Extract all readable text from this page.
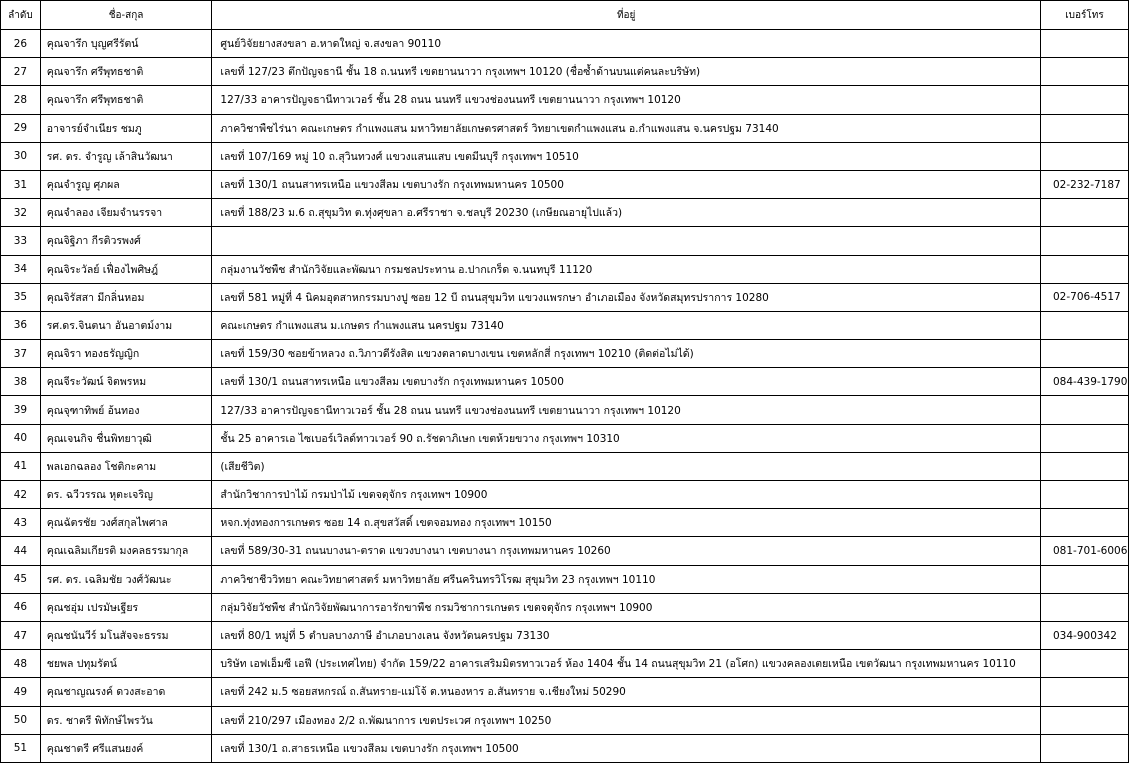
ลำดับ	ชื่อ-สกุล	ที่อยู่	เบอร์โทร
26	คุณจารึก บุญศรีรัตน์	ศูนย์วิจัยยางสงขลา อ.หาดใหญ่ จ.สงขลา 90110	
27	คุณจารึก ศรีพุทธชาติ	เลขที่ 127/23 ตึกปัญจธานี ชั้น 18 ถ.นนทรี เขตยานนาวา กรุงเทพฯ 10120 (ชื่อซ้ำด้านบนแต่คนละบริษัท)	
28	คุณจารึก ศรีพุทธชาติ	127/33 อาคารปัญจธานีทาวเวอร์ ชั้น 28 ถนน นนทรี แขวงช่องนนทรี เขตยานนาวา กรุงเทพฯ 10120	
29	อาจารย์จำเนียร ชมภู	ภาควิชาพืชไร่นา คณะเกษตร กำแพงแสน มหาวิทยาลัยเกษตรศาสตร์ วิทยาเขตกำแพงแสน อ.กำแพงแสน จ.นครปฐม 73140	
30	รศ. ดร. จำรูญ เล้าสินวัฒนา	เลขที่ 107/169 หมู่ 10 ถ.สุวินทวงศ์ แขวงแสนแสบ เขตมีนบุรี กรุงเทพฯ 10510	
31	คุณจำรูญ ศุภผล	เลขที่ 130/1 ถนนสาทรเหนือ แขวงสีลม เขตบางรัก กรุงเทพมหานคร 10500	02-232-7187
32	คุณจำลอง เจียมจำนรรจา	เลขที่ 188/23 ม.6 ถ.สุขุมวิท ต.ทุ่งศุขลา อ.ศรีราชา จ.ชลบุรี 20230 (เกษียณอายุไปแล้ว)	
33	คุณจิฐิภา กีรติวรพงศ์		
34	คุณจิระวัลย์ เฟื่องไพศิษฎ์	กลุ่มงานวัชพืช สำนักวิจัยและพัฒนา กรมชลประทาน อ.ปากเกร็ด จ.นนทบุรี 11120	
35	คุณจิรัสสา มีกลิ่นหอม	เลขที่ 581 หมู่ที่ 4 นิคมอุตสาหกรรมบางปู ซอย 12 บี ถนนสุขุมวิท แขวงแพรกษา อำเภอเมือง จังหวัดสมุทรปราการ 10280	02-706-4517
36	รศ.ดร.จินตนา อันอาตม์งาม	คณะเกษตร กำแพงแสน ม.เกษตร กำแพงแสน นครปฐม 73140	
37	คุณจิรา ทองธรัญญิก	เลขที่ 159/30 ซอยข้าหลวง ถ.วิภาวดีรังสิต แขวงตลาดบางเขน เขตหลักสี่ กรุงเทพฯ 10210 (ติดต่อไม่ได้)	
38	คุณจีระวัฒน์ จิตพรหม	เลขที่ 130/1 ถนนสาทรเหนือ แขวงสีลม เขตบางรัก กรุงเทพมหานคร 10500	084-439-1790
39	คุณจุฑาทิพย์ อ้นทอง	127/33 อาคารปัญจธานีทาวเวอร์ ชั้น 28 ถนน นนทรี แขวงช่องนนทรี เขตยานนาวา กรุงเทพฯ 10120	
40	คุณเจนกิจ ชื่นพิทยาวุฒิ	ชั้น 25 อาคารเอ ไซเบอร์เวิลด์ทาวเวอร์ 90 ถ.รัชดาภิเษก เขตห้วยขวาง กรุงเทพฯ 10310	
41	พลเอกฉลอง โชติกะคาม	(เสียชีวิต)	
42	ดร. ฉวีวรรณ หุตะเจริญ	สำนักวิชาการป่าไม้ กรมป่าไม้ เขตจตุจักร กรุงเทพฯ 10900	
43	คุณฉัตรชัย วงศ์สกุลไพศาล	หจก.ทุ่งทองการเกษตร ซอย 14 ถ.สุขสวัสดิ์ เขตจอมทอง กรุงเทพฯ 10150	
44	คุณเฉลิมเกียรติ มงคลธรรมากุล	เลขที่ 589/30-31 ถนนบางนา-ตราด แขวงบางนา เขตบางนา กรุงเทพมหานคร 10260	081-701-6006
45	รศ. ดร. เฉลิมชัย วงศ์วัฒนะ	ภาควิชาชีววิทยา คณะวิทยาศาสตร์ มหาวิทยาลัย ศรีนครินทรวิโรฒ สุขุมวิท 23 กรุงเทพฯ 10110	
46	คุณชอุ่ม เปรมัษเฐียร	กลุ่มวิจัยวัชพืช สำนักวิจัยพัฒนาการอารักขาพืช กรมวิชาการเกษตร เขตจตุจักร กรุงเทพฯ 10900	
47	คุณชนันวีร์ มโนสัจจะธรรม	เลขที่ 80/1 หมู่ที่ 5 ตำบลบางภาษี อำเภอบางเลน จังหวัดนครปฐม 73130	034-900342
48	ชยพล ปทุมรัตน์	บริษัท เอฟเอ็มซี เอฟี (ประเทศไทย) จำกัด 159/22 อาคารเสริมมิตรทาวเวอร์ ห้อง 1404 ชั้น 14 ถนนสุขุมวิท 21 (อโศก) แขวงคลองเตยเหนือ เขตวัฒนา กรุงเทพมหานคร 10110	
49	คุณชาญณรงค์ ดวงสะอาด	เลขที่ 242 ม.5 ซอยสหกรณ์ ถ.สันทราย-แม่โจ้ ต.หนองหาร อ.สันทราย จ.เชียงใหม่ 50290	
50	ดร. ชาตรี พิทักษ์ไพรวัน	เลขที่ 210/297 เมืองทอง 2/2 ถ.พัฒนาการ เขตประเวศ กรุงเทพฯ 10250	
51	คุณชาตรี ศรีแสนยงค์	เลขที่ 130/1 ถ.สาธรเหนือ แขวงสีลม เขตบางรัก กรุงเทพฯ 10500	
